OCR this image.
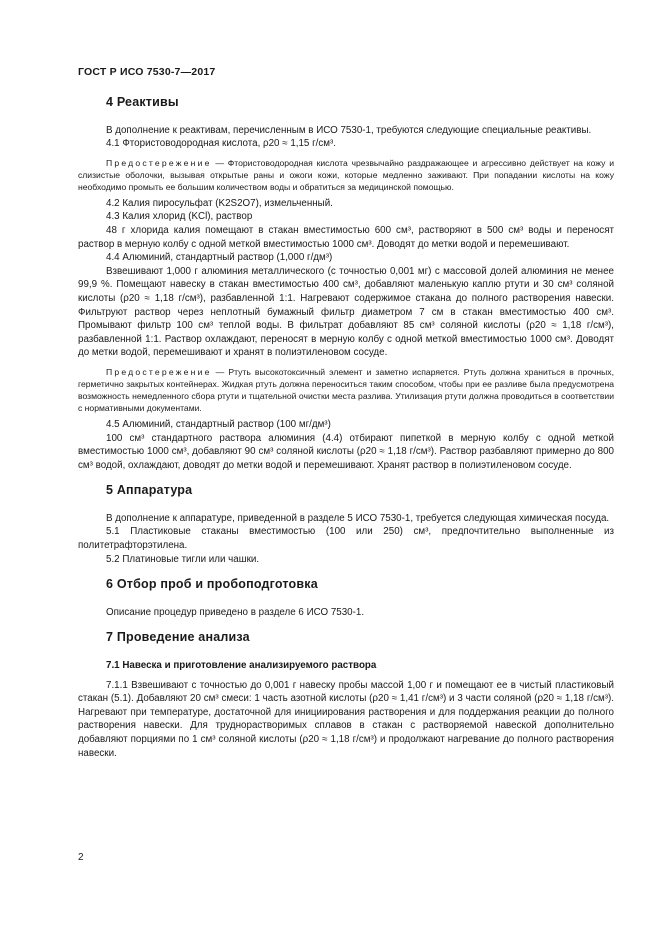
ГОСТ Р ИСО 7530-7—2017
4 Реактивы

В дополнение к реактивам, перечисленным в ИСО 7530-1, требуются следующие специальные реактивы.

4.1 Фтористоводородная кислота, ρ20 ≈ 1,15 г/см³.

Предостережение — Фтористоводородная кислота чрезвычайно раздражающее и агрессивно действует на кожу и слизистые оболочки, вызывая открытые раны и ожоги кожи, которые медленно заживают. При попадании кислоты на кожу необходимо промыть ее большим количеством воды и обратиться за медицинской помощью.

4.2 Калия пиросульфат (K2S2O7), измельченный.

4.3 Калия хлорид (KCl), раствор

48 г хлорида калия помещают в стакан вместимостью 600 см³, растворяют в 500 см³ воды и переносят раствор в мерную колбу с одной меткой вместимостью 1000 см³. Доводят до метки водой и перемешивают.

4.4 Алюминий, стандартный раствор (1,000 г/дм³)

Взвешивают 1,000 г алюминия металлического (с точностью 0,001 мг) с массовой долей алюминия не менее 99,9 %. Помещают навеску в стакан вместимостью 400 см³, добавляют маленькую каплю ртути и 30 см³ соляной кислоты (ρ20 ≈ 1,18 г/см³), разбавленной 1:1. Нагревают содержимое стакана до полного растворения навески. Фильтруют раствор через неплотный бумажный фильтр диаметром 7 см в стакан вместимостью 400 см³. Промывают фильтр 100 см³ теплой воды. В фильтрат добавляют 85 см³ соляной кислоты (ρ20 ≈ 1,18 г/см³), разбавленной 1:1. Раствор охлаждают, переносят в мерную колбу с одной меткой вместимостью 1000 см³. Доводят до метки водой, перемешивают и хранят в полиэтиленовом сосуде.

Предостережение — Ртуть высокотоксичный элемент и заметно испаряется. Ртуть должна храниться в прочных, герметично закрытых контейнерах. Жидкая ртуть должна переноситься таким способом, чтобы при ее разливе была предусмотрена возможность немедленного сбора ртути и тщательной очистки места разлива. Утилизация ртути должна проводиться в соответствии с нормативными документами.

4.5 Алюминий, стандартный раствор (100 мг/дм³)

100 см³ стандартного раствора алюминия (4.4) отбирают пипеткой в мерную колбу с одной меткой вместимостью 1000 см³, добавляют 90 см³ соляной кислоты (ρ20 ≈ 1,18 г/см³). Раствор разбавляют примерно до 800 см³ водой, охлаждают, доводят до метки водой и перемешивают. Хранят раствор в полиэтиленовом сосуде.

5 Аппаратура

В дополнение к аппаратуре, приведенной в разделе 5 ИСО 7530-1, требуется следующая химическая посуда.

5.1 Пластиковые стаканы вместимостью (100 или 250) см³, предпочтительно выполненные из политетрафторэтилена.

5.2 Платиновые тигли или чашки.

6 Отбор проб и пробоподготовка

Описание процедур приведено в разделе 6 ИСО 7530-1.

7 Проведение анализа
7.1 Навеска и приготовление анализируемого раствора

7.1.1 Взвешивают с точностью до 0,001 г навеску пробы массой 1,00 г и помещают ее в чистый пластиковый стакан (5.1). Добавляют 20 см³ смеси: 1 часть азотной кислоты (ρ20 ≈ 1,41 г/см³) и 3 части соляной (ρ20 ≈ 1,18 г/см³). Нагревают при температуре, достаточной для инициирования растворения и для поддержания реакции до полного растворения навески. Для труднорастворимых сплавов в стакан с растворяемой навеской дополнительно добавляют порциями по 1 см³ соляной кислоты (ρ20 ≈ 1,18 г/см³) и продолжают нагревание до полного растворения навески.

2
